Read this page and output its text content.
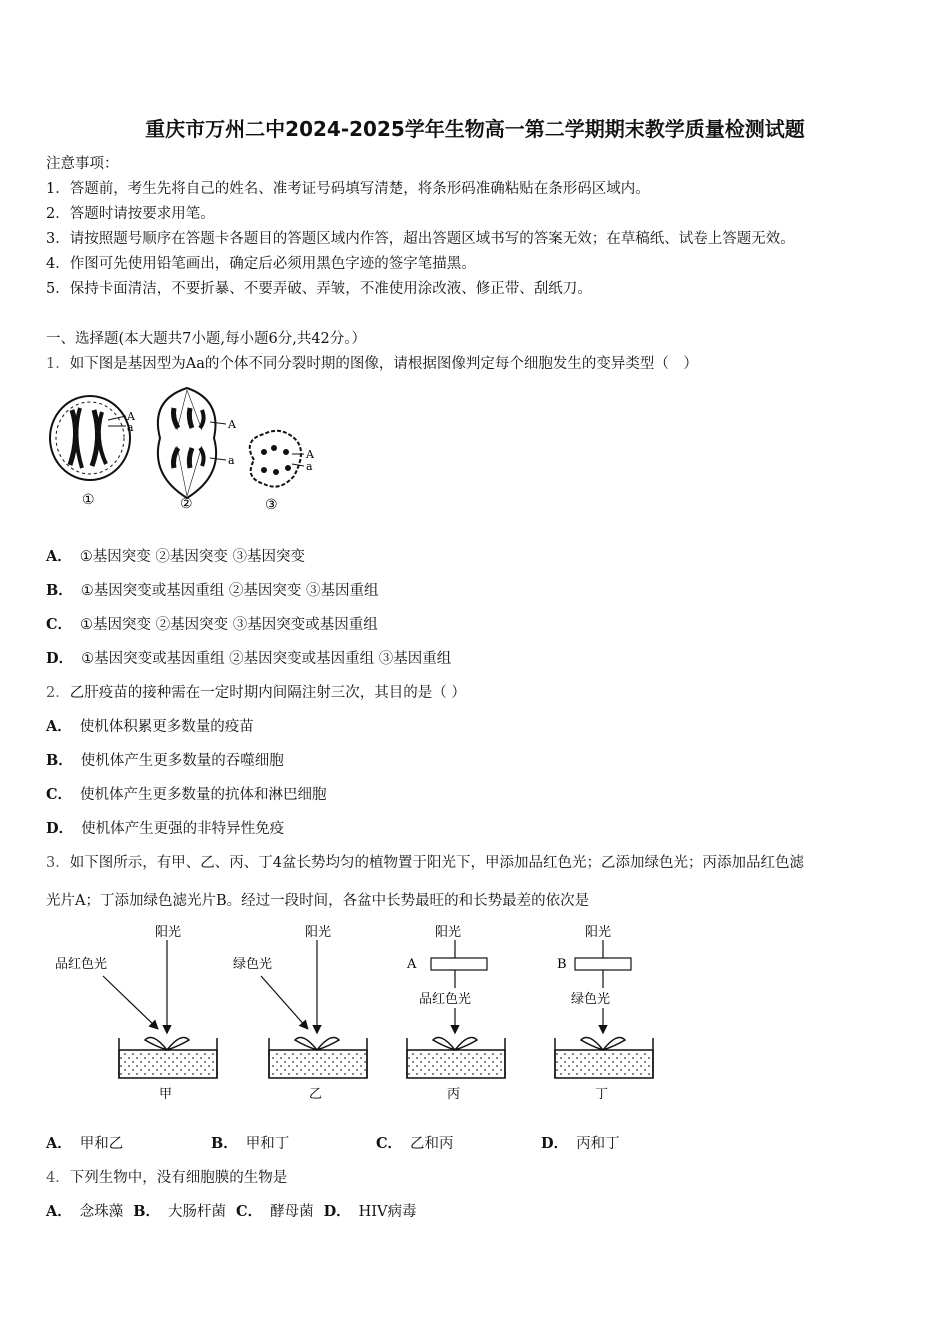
重庆市万州二中2024-2025学年生物高一第二学期期末教学质量检测试题
注意事项：
1．答题前，考生先将自己的姓名、准考证号码填写清楚，将条形码准确粘贴在条形码区域内。
2．答题时请按要求用笔。
3．请按照题号顺序在答题卡各题目的答题区域内作答，超出答题区域书写的答案无效；在草稿纸、试卷上答题无效。
4．作图可先使用铅笔画出，确定后必须用黑色字迹的签字笔描黑。
5．保持卡面清洁，不要折暴、不要弄破、弄皱，不准使用涂改液、修正带、刮纸刀。
一、选择题(本大题共7小题,每小题6分,共42分。）
1．如下图是基因型为Aa的个体不同分裂时期的图像，请根据图像判定每个细胞发生的变异类型（　）
A
a
①
A
a
②
A
a
③
A． ①基因突变 ②基因突变 ③基因突变
B． ①基因突变或基因重组 ②基因突变 ③基因重组
C． ①基因突变 ②基因突变 ③基因突变或基因重组
D． ①基因突变或基因重组 ②基因突变或基因重组 ③基因重组
2．乙肝疫苗的接种需在一定时期内间隔注射三次，其目的是（ ）
A． 使机体积累更多数量的疫苗
B． 使机体产生更多数量的吞噬细胞
C． 使机体产生更多数量的抗体和淋巴细胞
D． 使机体产生更强的非特异性免疫
3．如下图所示，有甲、乙、丙、丁4盆长势均匀的植物置于阳光下，甲添加品红色光；乙添加绿色光；丙添加品红色滤
光片A；丁添加绿色滤光片B。经过一段时间，各盆中长势最旺的和长势最差的依次是
阳光
品红色光
甲
阳光
绿色光
乙
阳光
A
品红色光
丙
阳光
B
绿色光
丁
A． 甲和乙	B． 甲和丁	C． 乙和丙	D． 丙和丁
4．下列生物中，没有细胞膜的生物是
A． 念珠藻 B． 大肠杆菌 C． 酵母菌 D． HIV病毒
